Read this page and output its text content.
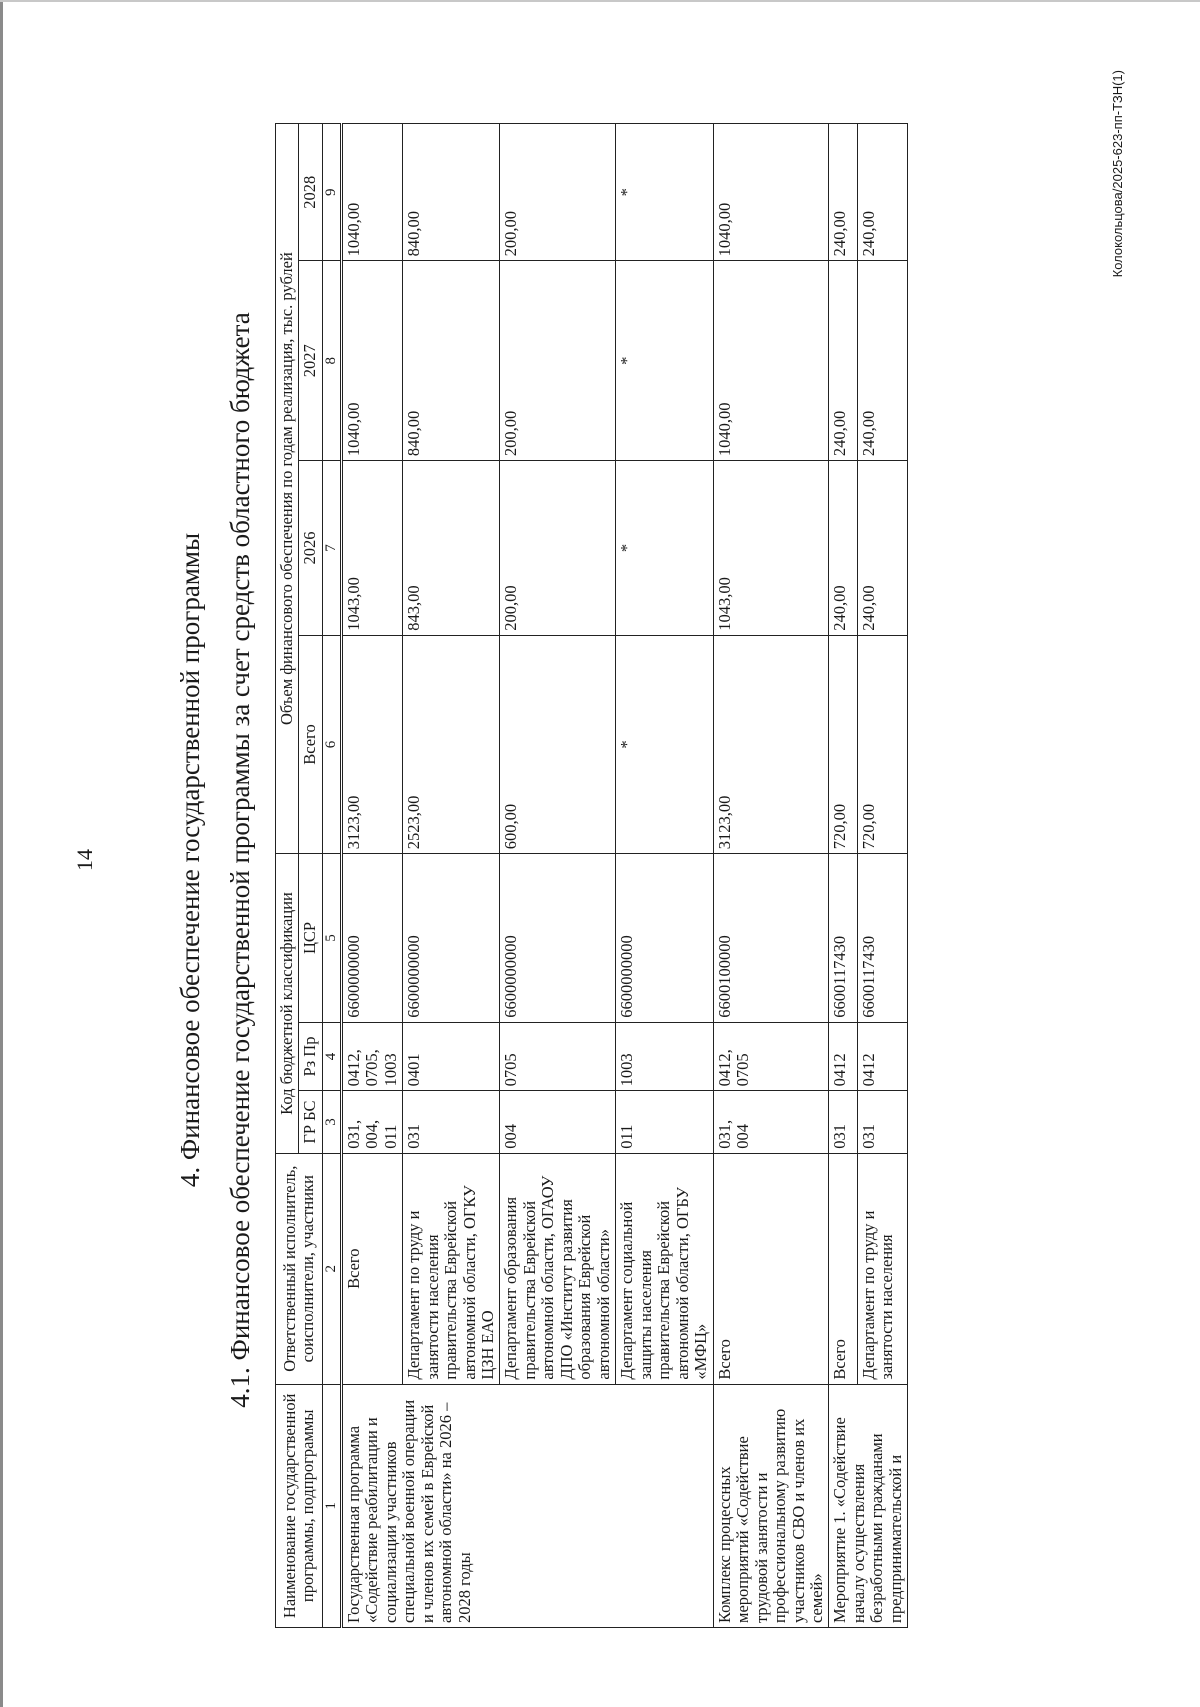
14	4. Финансовое обеспечение государственной программы 4.1. Финансовое обеспечение государственной программы за счет средств областного бюджета
Наименование государственной программы, подпрограммы	Ответственный исполнитель, соисполнители, участники	Код бюджетной классификации			Объем финансового обеспечения по годам реализация, тыс. рублей			
		ГР БС	Рз Пр	ЦСР	Всего	2026	2027	2028
1	2	3	4	5	6	7	8	9
Государственная программа «Содействие реабилитации и социализации участников специальной военной операции и членов их семей в Еврейской автономной области» на 2026 – 2028 годы	Всего	031, 004, 011	0412, 0705, 1003	6600000000	3123,00	1043,00	1040,00	1040,00
	Департамент по труду и занятости населения правительства Еврейской автономной области, ОГКУ ЦЗН ЕАО	031	0401	6600000000	2523,00	843,00	840,00	840,00
	Департамент образования правительства Еврейской автономной области, ОГАОУ ДПО «Институт развития образования Еврейской автономной области»	004	0705	6600000000	600,00	200,00	200,00	200,00
	Департамент социальной защиты населения правительства Еврейской автономной области, ОГБУ «МФЦ»	011	1003	6600000000	*	*	*	*
Комплекс процессных мероприятий «Содействие трудовой занятости и профессиональному развитию участников СВО и членов их семей»	Всего	031, 004	0412, 0705	6600100000	3123,00	1043,00	1040,00	1040,00
Мероприятие 1. «Содействие началу осуществления безработными гражданами предпринимательской и	Всего	031	0412	6600117430	720,00	240,00	240,00	240,00
	Департамент по труду и занятости населения	031	0412	6600117430	720,00	240,00	240,00	240,00	Колокольцова/2025-623-пп-ТЗН(1)
